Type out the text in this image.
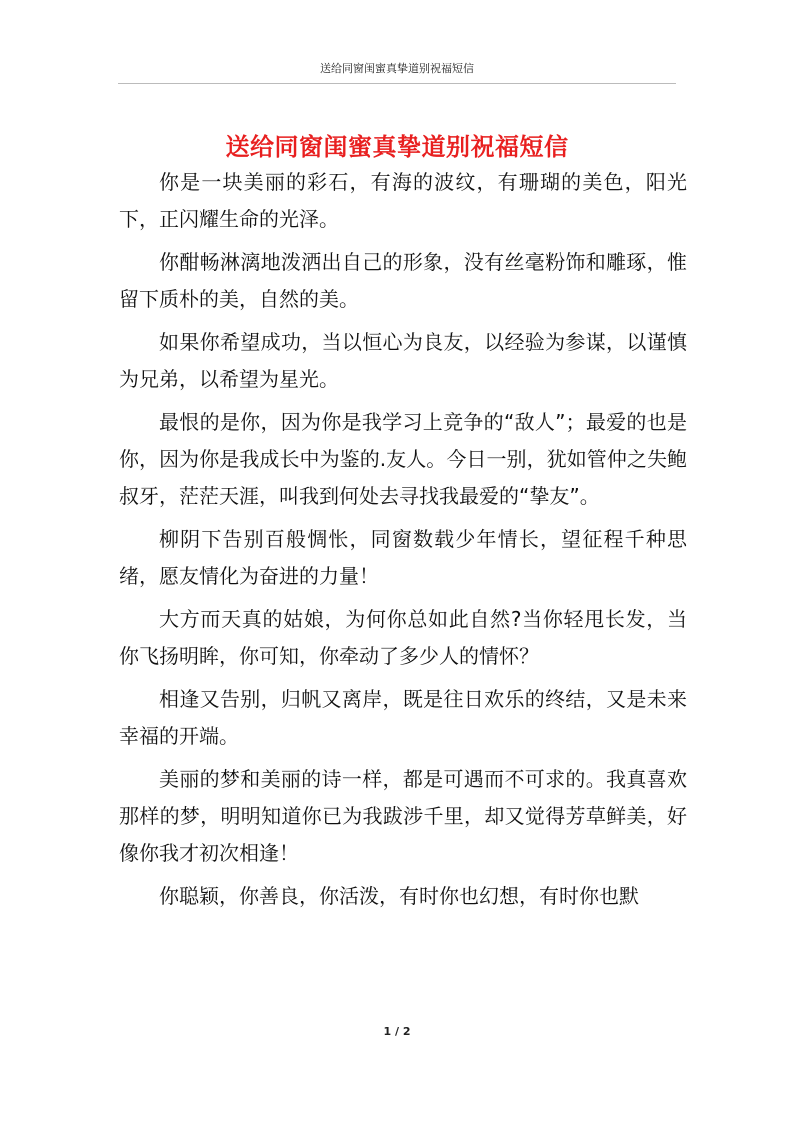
送给同窗闺蜜真挚道别祝福短信
送给同窗闺蜜真挚道别祝福短信

你是一块美丽的彩石，有海的波纹，有珊瑚的美色，阳光下，正闪耀生命的光泽。

你酣畅淋漓地泼洒出自己的形象，没有丝毫粉饰和雕琢，惟留下质朴的美，自然的美。

如果你希望成功，当以恒心为良友，以经验为参谋，以谨慎为兄弟，以希望为星光。

最恨的是你，因为你是我学习上竞争的“敌人”；最爱的也是你，因为你是我成长中为鉴的.友人。今日一别，犹如管仲之失鲍叔牙，茫茫天涯，叫我到何处去寻找我最爱的“挚友”。

柳阴下告别百般惆怅，同窗数载少年情长，望征程千种思绪，愿友情化为奋进的力量！

大方而天真的姑娘，为何你总如此自然?当你轻甩长发，当你飞扬明眸，你可知，你牵动了多少人的情怀？

相逢又告别，归帆又离岸，既是往日欢乐的终结，又是未来幸福的开端。

美丽的梦和美丽的诗一样，都是可遇而不可求的。我真喜欢那样的梦，明明知道你已为我跋涉千里，却又觉得芳草鲜美，好像你我才初次相逢！

你聪颖，你善良，你活泼，有时你也幻想，有时你也默

1 / 2
